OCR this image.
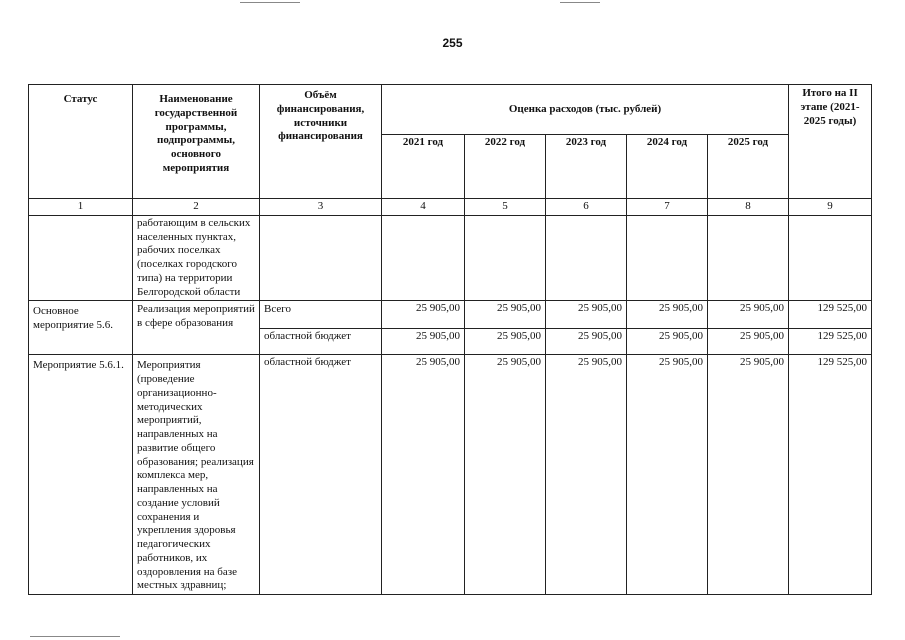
255
Статус	Наименование государственной программы, подпрограммы, основного мероприятия	Объём финансирования, источники финансирования	Оценка расходов (тыс. рублей)					Итого на II этапе (2021-2025 годы)
			2021 год	2022 год	2023 год	2024 год	2025 год	
1	2	3	4	5	6	7	8	9
	работающим в сельских населенных пунктах, рабочих поселках (поселках городского типа) на территории Белгородской области							
Основное мероприятие 5.6.	Реализация мероприятий в сфере образования	Всего	25 905,00	25 905,00	25 905,00	25 905,00	25 905,00	129 525,00
		областной бюджет	25 905,00	25 905,00	25 905,00	25 905,00	25 905,00	129 525,00
Мероприятие 5.6.1.	Мероприятия (проведение организационно-методических мероприятий, направленных на развитие общего образования; реализация комплекса мер, направленных на создание условий сохранения и укрепления здоровья педагогических работников, их оздоровления на базе местных здравниц;	областной бюджет	25 905,00	25 905,00	25 905,00	25 905,00	25 905,00	129 525,00
